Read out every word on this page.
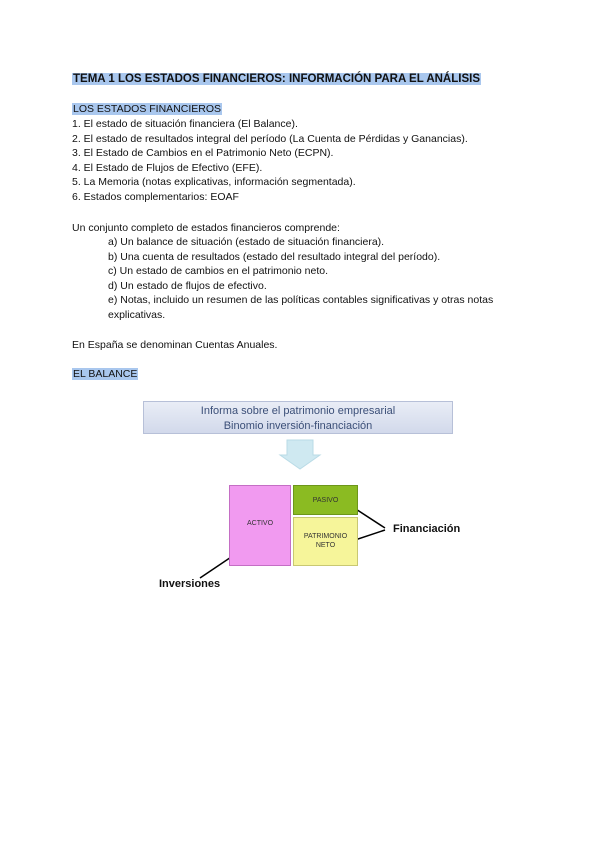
TEMA 1 LOS ESTADOS FINANCIEROS: INFORMACIÓN PARA EL ANÁLISIS
LOS ESTADOS FINANCIEROS
1. El estado de situación financiera (El Balance).
2. El estado de resultados integral del período (La Cuenta de Pérdidas y Ganancias).
3. El Estado de Cambios en el Patrimonio Neto (ECPN).
4. El Estado de Flujos de Efectivo (EFE).
5. La Memoria (notas explicativas, información segmentada).
6. Estados complementarios: EOAF
Un conjunto completo de estados financieros comprende:
a) Un balance de situación (estado de situación financiera).
b) Una cuenta de resultados (estado del resultado integral del período).
c) Un estado de cambios en el patrimonio neto.
d) Un estado de flujos de efectivo.
e) Notas, incluido un resumen de las políticas contables significativas y otras notas explicativas.
En España se denominan Cuentas Anuales.
EL BALANCE
Informa sobre el patrimonio empresarial
Binomio inversión-financiación
ACTIVO
PASIVO
PATRIMONIO
NETO
Financiación
Inversiones
